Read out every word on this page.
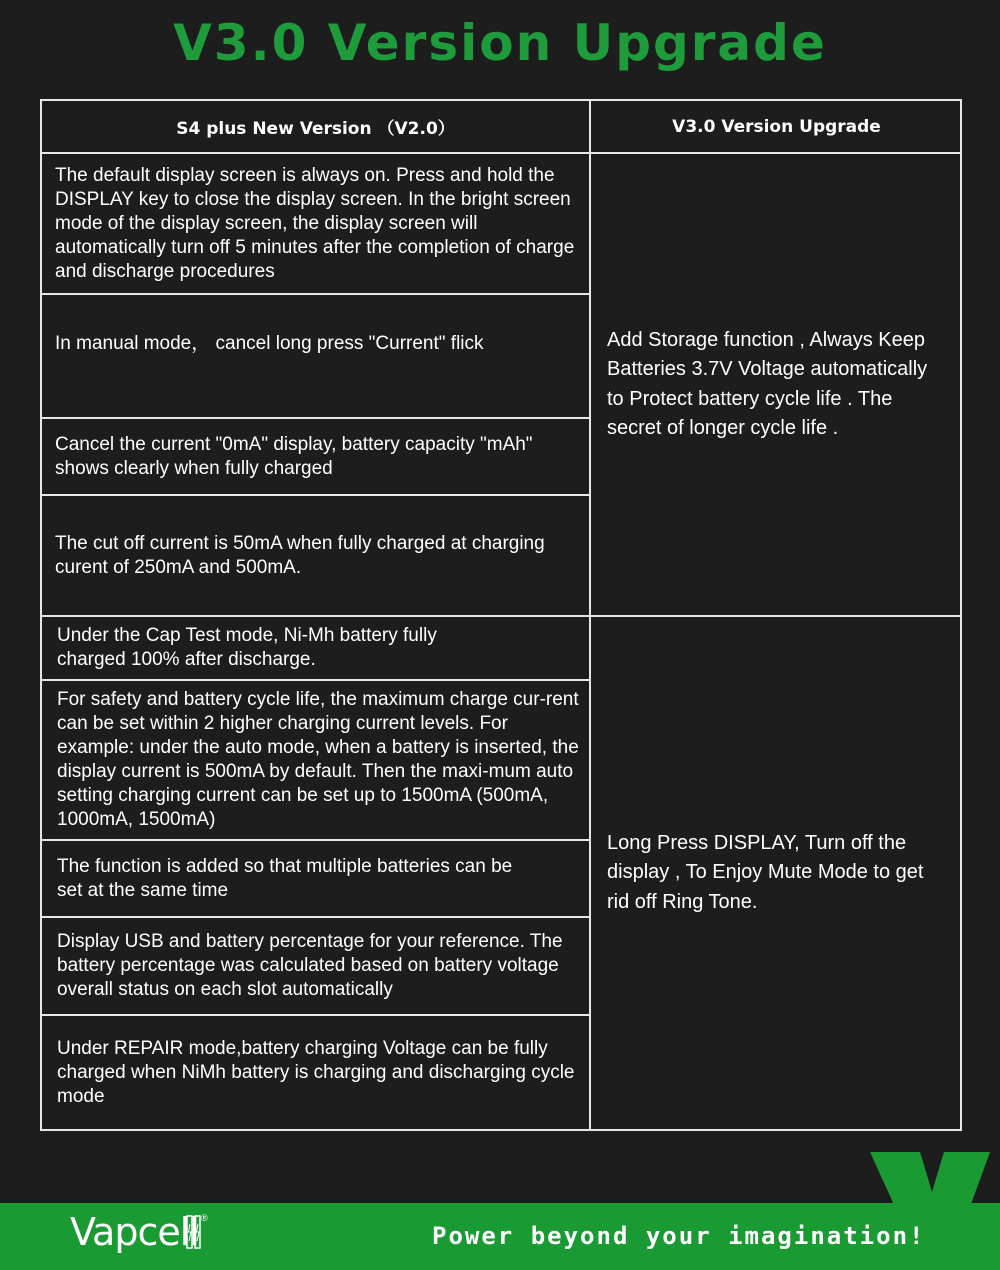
V3.0 Version Upgrade
S4 plus New Version （V2.0）	V3.0 Version Upgrade
The default display screen is always on. Press and hold the DISPLAY key to close the display screen. In the bright screen mode of the display screen, the display screen will automatically turn off 5 minutes after the completion of charge and discharge procedures
In manual mode， cancel long press "Current" flick
Cancel the current "0mA" display, battery capacity "mAh" shows clearly when fully charged
The cut off current is 50mA when fully charged at charging curent of 250mA and 500mA.
Add Storage function , Always Keep Batteries 3.7V Voltage automatically to Protect battery cycle life . The secret of longer cycle life .
Under the Cap Test mode, Ni-Mh battery fully charged 100% after discharge.
For safety and battery cycle life, the maximum charge cur-rent can be set within 2 higher charging current levels. For example: under the auto mode, when a battery is inserted, the display current is 500mA by default. Then the maxi-mum auto setting charging current can be set up to 1500mA (500mA, 1000mA, 1500mA)
The function is added so that multiple batteries can be set at the same time
Display USB and battery percentage for your reference. The battery percentage was calculated based on battery voltage overall status on each slot automatically
Under REPAIR mode,battery charging Voltage can be fully charged when NiMh battery is charging and discharging cycle mode
Long Press DISPLAY, Turn off the display , To Enjoy Mute Mode to get rid off Ring Tone.
Vapcell ®
Power beyond your imagination!
